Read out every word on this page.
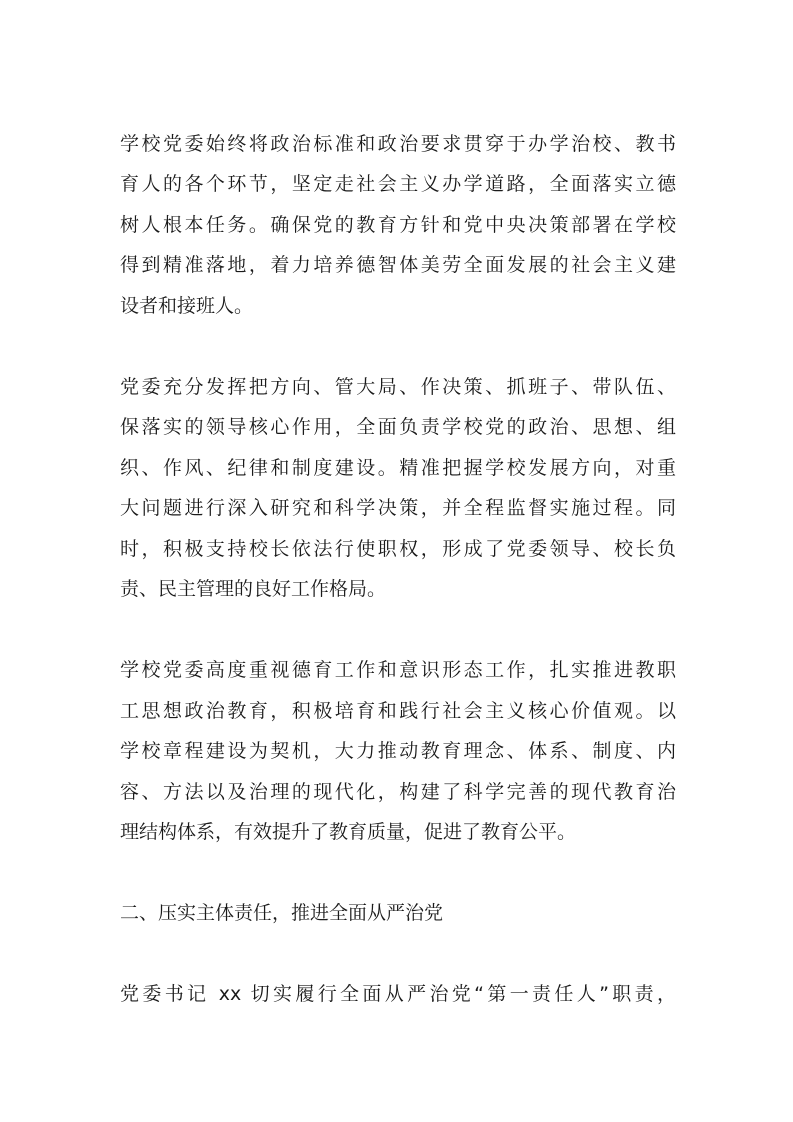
学校党委始终将政治标准和政治要求贯穿于办学治校、教书
育人的各个环节，坚定走社会主义办学道路，全面落实立德
树人根本任务。确保党的教育方针和党中央决策部署在学校
得到精准落地，着力培养德智体美劳全面发展的社会主义建
设者和接班人。
党委充分发挥把方向、管大局、作决策、抓班子、带队伍、
保落实的领导核心作用，全面负责学校党的政治、思想、组
织、作风、纪律和制度建设。精准把握学校发展方向，对重
大问题进行深入研究和科学决策，并全程监督实施过程。同
时，积极支持校长依法行使职权，形成了党委领导、校长负
责、民主管理的良好工作格局。
学校党委高度重视德育工作和意识形态工作，扎实推进教职
工思想政治教育，积极培育和践行社会主义核心价值观。以
学校章程建设为契机，大力推动教育理念、体系、制度、内
容、方法以及治理的现代化，构建了科学完善的现代教育治
理结构体系，有效提升了教育质量，促进了教育公平。
二、压实主体责任，推进全面从严治党
党委书记 xx 切实履行全面从严治党“第一责任人”职责，
